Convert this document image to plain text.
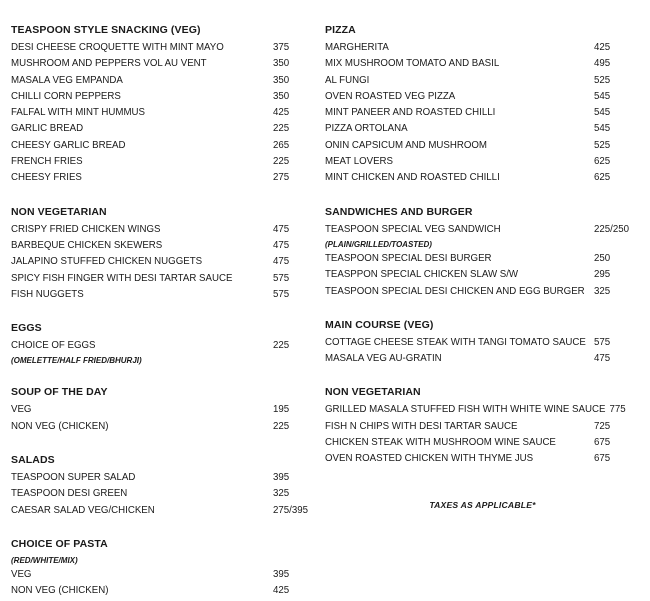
TEASPOON STYLE SNACKING (VEG)
DESI CHEESE CROQUETTE WITH MINT MAYO	375
MUSHROOM AND PEPPERS VOL AU VENT	350
MASALA VEG EMPANDA	350
CHILLI CORN PEPPERS	350
FALFAL WITH MINT HUMMUS	425
GARLIC BREAD	225
CHEESY GARLIC BREAD	265
FRENCH FRIES	225
CHEESY FRIES	275
NON VEGETARIAN
CRISPY FRIED CHICKEN WINGS	475
BARBEQUE CHICKEN SKEWERS	475
JALAPINO STUFFED CHICKEN NUGGETS	475
SPICY FISH FINGER WITH DESI TARTAR SAUCE	575
FISH NUGGETS	575
EGGS
CHOICE OF EGGS	225
(OMELETTE/HALF FRIED/BHURJI)
SOUP OF THE DAY
VEG	195
NON VEG (CHICKEN)	225
SALADS
TEASPOON SUPER SALAD	395
TEASPOON DESI GREEN	325
CAESAR SALAD VEG/CHICKEN	275/395
CHOICE OF PASTA
(RED/WHITE/MIX)
VEG	395
NON VEG (CHICKEN)	425
PIZZA
MARGHERITA	425
MIX MUSHROOM TOMATO AND BASIL	495
AL FUNGI	525
OVEN ROASTED VEG PIZZA	545
MINT PANEER AND ROASTED CHILLI	545
PIZZA ORTOLANA	545
ONIN CAPSICUM AND MUSHROOM	525
MEAT LOVERS	625
MINT CHICKEN AND ROASTED CHILLI	625
SANDWICHES AND BURGER
TEASPOON SPECIAL VEG SANDWICH	225/250
(PLAIN/GRILLED/TOASTED)
TEASPOON SPECIAL DESI BURGER	250
TEASPPON SPECIAL CHICKEN SLAW S/W	295
TEASPOON SPECIAL DESI CHICKEN AND EGG BURGER 325
MAIN COURSE (VEG)
COTTAGE CHEESE STEAK WITH TANGI TOMATO SAUCE 575
MASALA VEG AU-GRATIN	475
NON VEGETARIAN
GRILLED MASALA STUFFED FISH WITH WHITE WINE SAUCE 775
FISH N CHIPS WITH DESI TARTAR SAUCE	725
CHICKEN STEAK WITH MUSHROOM WINE SAUCE	675
OVEN ROASTED CHICKEN WITH THYME JUS	675
TAXES AS APPLICABLE*
